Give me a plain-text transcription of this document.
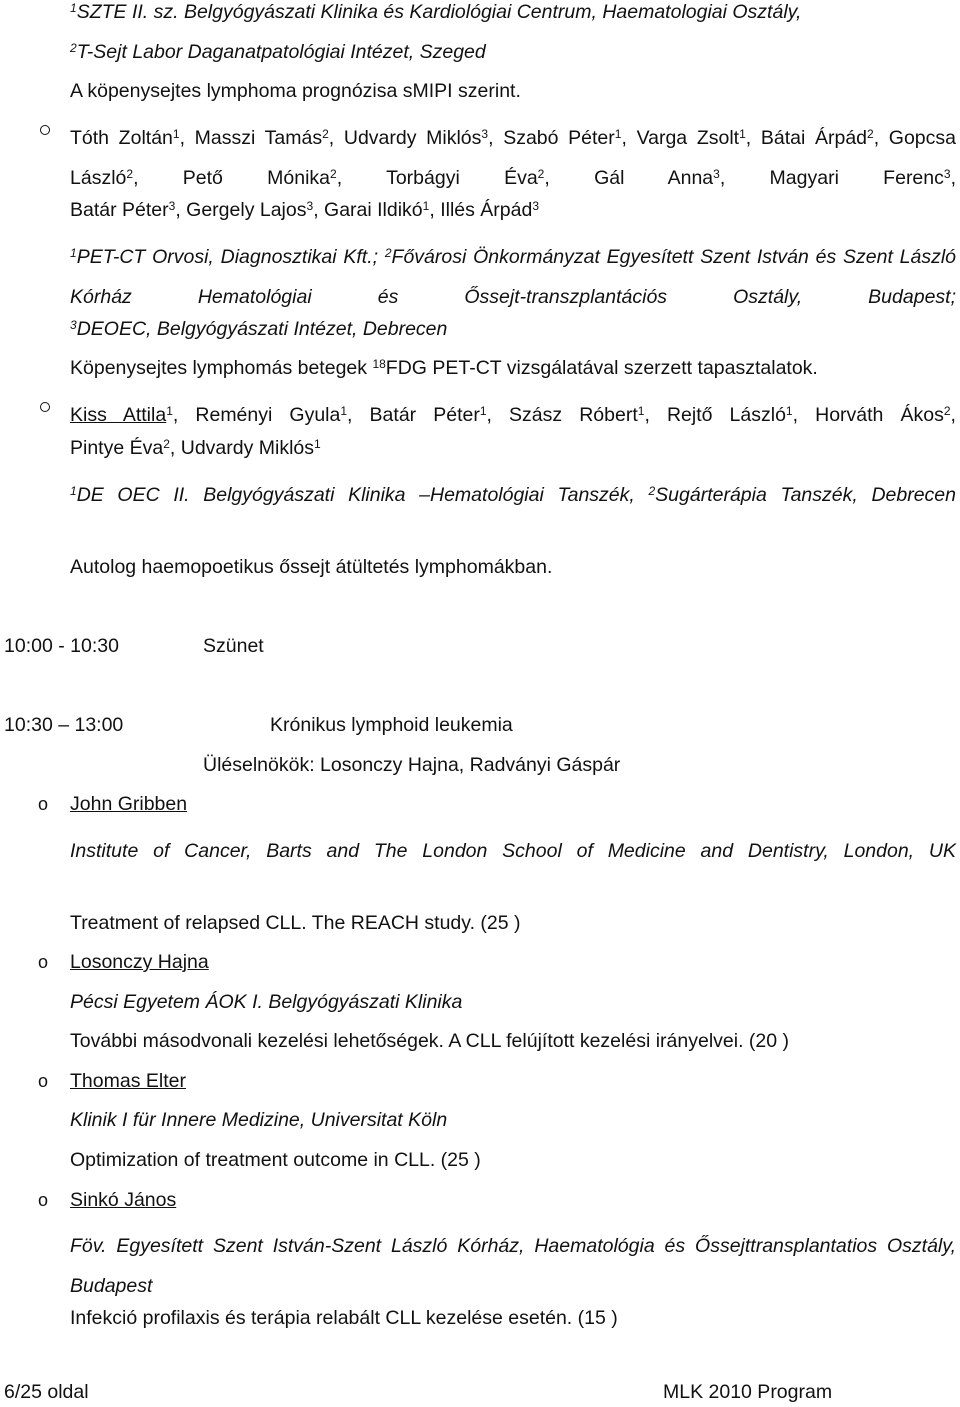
$^1$SZTE II. sz. Belgyógyászati Klinika és Kardiológiai Centrum, Haematologiai Osztály,
$^2$T-Sejt Labor Daganatpatológiai Intézet, Szeged
A köpenysejtes lymphoma prognózisa sMIPI szerint.
Tóth Zoltán$^1$, Masszi Tamás$^2$, Udvardy Miklós$^3$, Szabó Péter$^1$, Varga Zsolt$^1$, Bátai Árpád$^2$, Gopcsa László$^2$, Pető Mónika$^2$, Torbágyi Éva$^2$, Gál Anna$^3$, Magyari Ferenc$^3$,
Batár Péter$^3$, Gergely Lajos$^3$, Garai Ildikó$^1$, Illés Árpád$^3$
$^1$PET-CT Orvosi, Diagnosztikai Kft.; $^2$Fővárosi Önkormányzat Egyesített Szent István és Szent László Kórház Hematológiai és Őssejt-transzplantációs Osztály, Budapest;
$^3$DEOEC, Belgyógyászati Intézet, Debrecen
Köpenysejtes lymphomás betegek $^{18}$FDG PET-CT vizsgálatával szerzett tapasztalatok.
Kiss Attila$^1$, Reményi Gyula$^1$, Batár Péter$^1$, Szász Róbert$^1$, Rejtő László$^1$, Horváth Ákos$^2$,
Pintye Éva$^2$, Udvardy Miklós$^1$
$^1$DE OEC II. Belgyógyászati Klinika –Hematológiai Tanszék, $^2$Sugárterápia Tanszék, Debrecen
Autolog haemopoetikus őssejt átültetés lymphomákban.
10:00 - 10:30	Szünet
10:30 – 13:00	Krónikus lymphoid leukemia
Üléselnökök: Losonczy Hajna, Radványi Gáspár
o John Gribben
Institute of Cancer, Barts and The London School of Medicine and Dentistry, London, UK
Treatment of relapsed CLL. The REACH study. (25 )
o Losonczy Hajna
Pécsi Egyetem ÁOK I. Belgyógyászati Klinika
További másodvonali kezelési lehetőségek. A CLL felújított kezelési irányelvei. (20 )
o Thomas Elter
Klinik I für Innere Medizine, Universitat Köln
Optimization of treatment outcome in CLL. (25 )
o Sinkó János
Föv. Egyesített Szent István-Szent László Kórház, Haematológia és Őssejttransplantatios Osztály, Budapest
Infekció profilaxis és terápia relabált CLL kezelése esetén. (15 )
6/25 oldal	MLK 2010 Program
